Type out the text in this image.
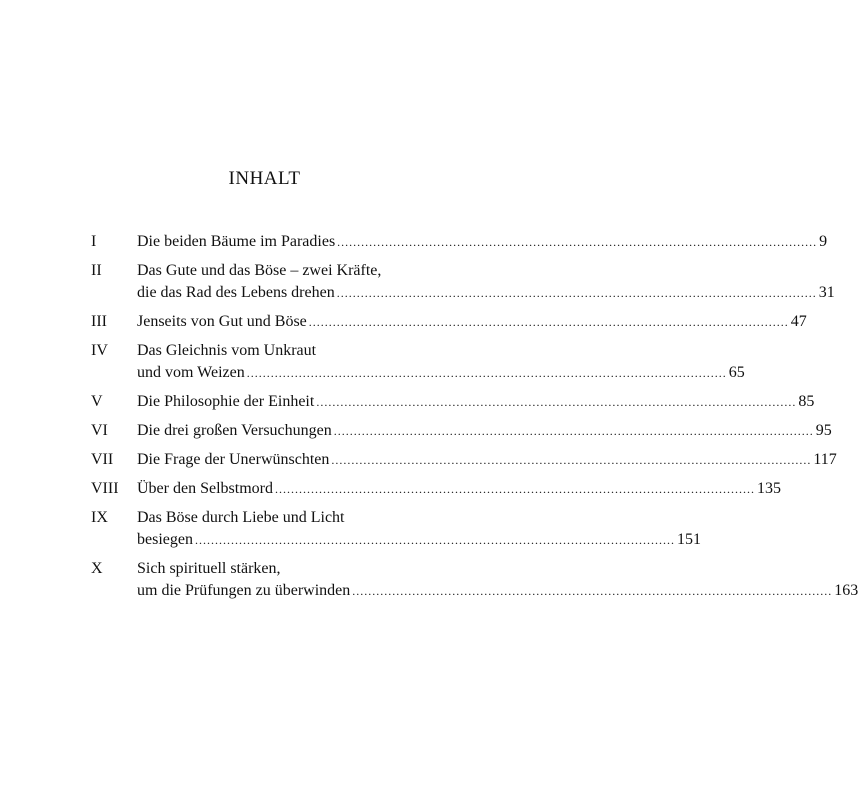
INHALT
I	Die beiden Bäume im Paradies ........................................................................................................................ 9
II	Das Gute und das Böse – zwei Kräfte,
die das Rad des Lebens drehen ........................................................................................................................ 31
III	Jenseits von Gut und Böse ........................................................................................................................ 47
IV	Das Gleichnis vom Unkraut
und vom Weizen ........................................................................................................................ 65
V	Die Philosophie der Einheit ........................................................................................................................ 85
VI	Die drei großen Versuchungen ........................................................................................................................ 95
VII	Die Frage der Unerwünschten ........................................................................................................................ 117
VIII	Über den Selbstmord ........................................................................................................................ 135
IX	Das Böse durch Liebe und Licht
besiegen ........................................................................................................................ 151
X	Sich spirituell stärken,
um die Prüfungen zu überwinden ........................................................................................................................ 163
